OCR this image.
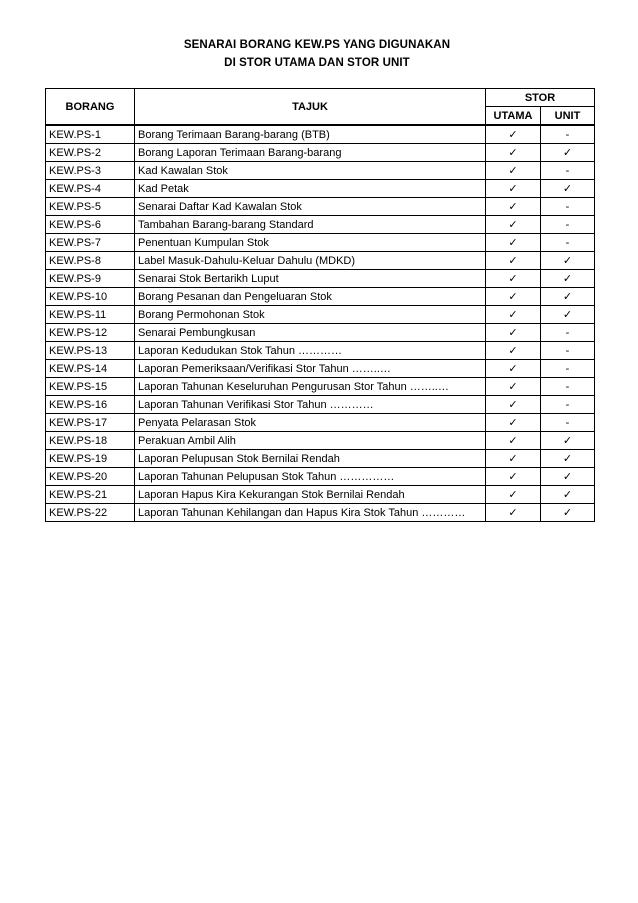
SENARAI BORANG KEW.PS YANG DIGUNAKAN
DI STOR UTAMA DAN STOR UNIT
BORANG	TAJUK	STOR	
		UTAMA	UNIT
KEW.PS-1	Borang Terimaan Barang-barang (BTB)	✓	-
KEW.PS-2	Borang Laporan Terimaan Barang-barang	✓	✓
KEW.PS-3	Kad Kawalan Stok	✓	-
KEW.PS-4	Kad Petak	✓	✓
KEW.PS-5	Senarai Daftar Kad Kawalan Stok	✓	-
KEW.PS-6	Tambahan Barang-barang Standard	✓	-
KEW.PS-7	Penentuan Kumpulan Stok	✓	-
KEW.PS-8	Label Masuk-Dahulu-Keluar Dahulu (MDKD)	✓	✓
KEW.PS-9	Senarai Stok Bertarikh Luput	✓	✓
KEW.PS-10	Borang Pesanan dan Pengeluaran Stok	✓	✓
KEW.PS-11	Borang Permohonan Stok	✓	✓
KEW.PS-12	Senarai Pembungkusan	✓	-
KEW.PS-13	Laporan Kedudukan Stok Tahun …………	✓	-
KEW.PS-14	Laporan Pemeriksaan/Verifikasi Stor Tahun ……..…	✓	-
KEW.PS-15	Laporan Tahunan Keseluruhan Pengurusan Stor Tahun ……..…	✓	-
KEW.PS-16	Laporan Tahunan Verifikasi Stor Tahun …………	✓	-
KEW.PS-17	Penyata Pelarasan Stok	✓	-
KEW.PS-18	Perakuan Ambil Alih	✓	✓
KEW.PS-19	Laporan Pelupusan Stok Bernilai Rendah	✓	✓
KEW.PS-20	Laporan Tahunan Pelupusan Stok Tahun ……………	✓	✓
KEW.PS-21	Laporan Hapus Kira Kekurangan Stok Bernilai Rendah	✓	✓
KEW.PS-22	Laporan Tahunan Kehilangan dan Hapus Kira Stok Tahun …………	✓	✓
